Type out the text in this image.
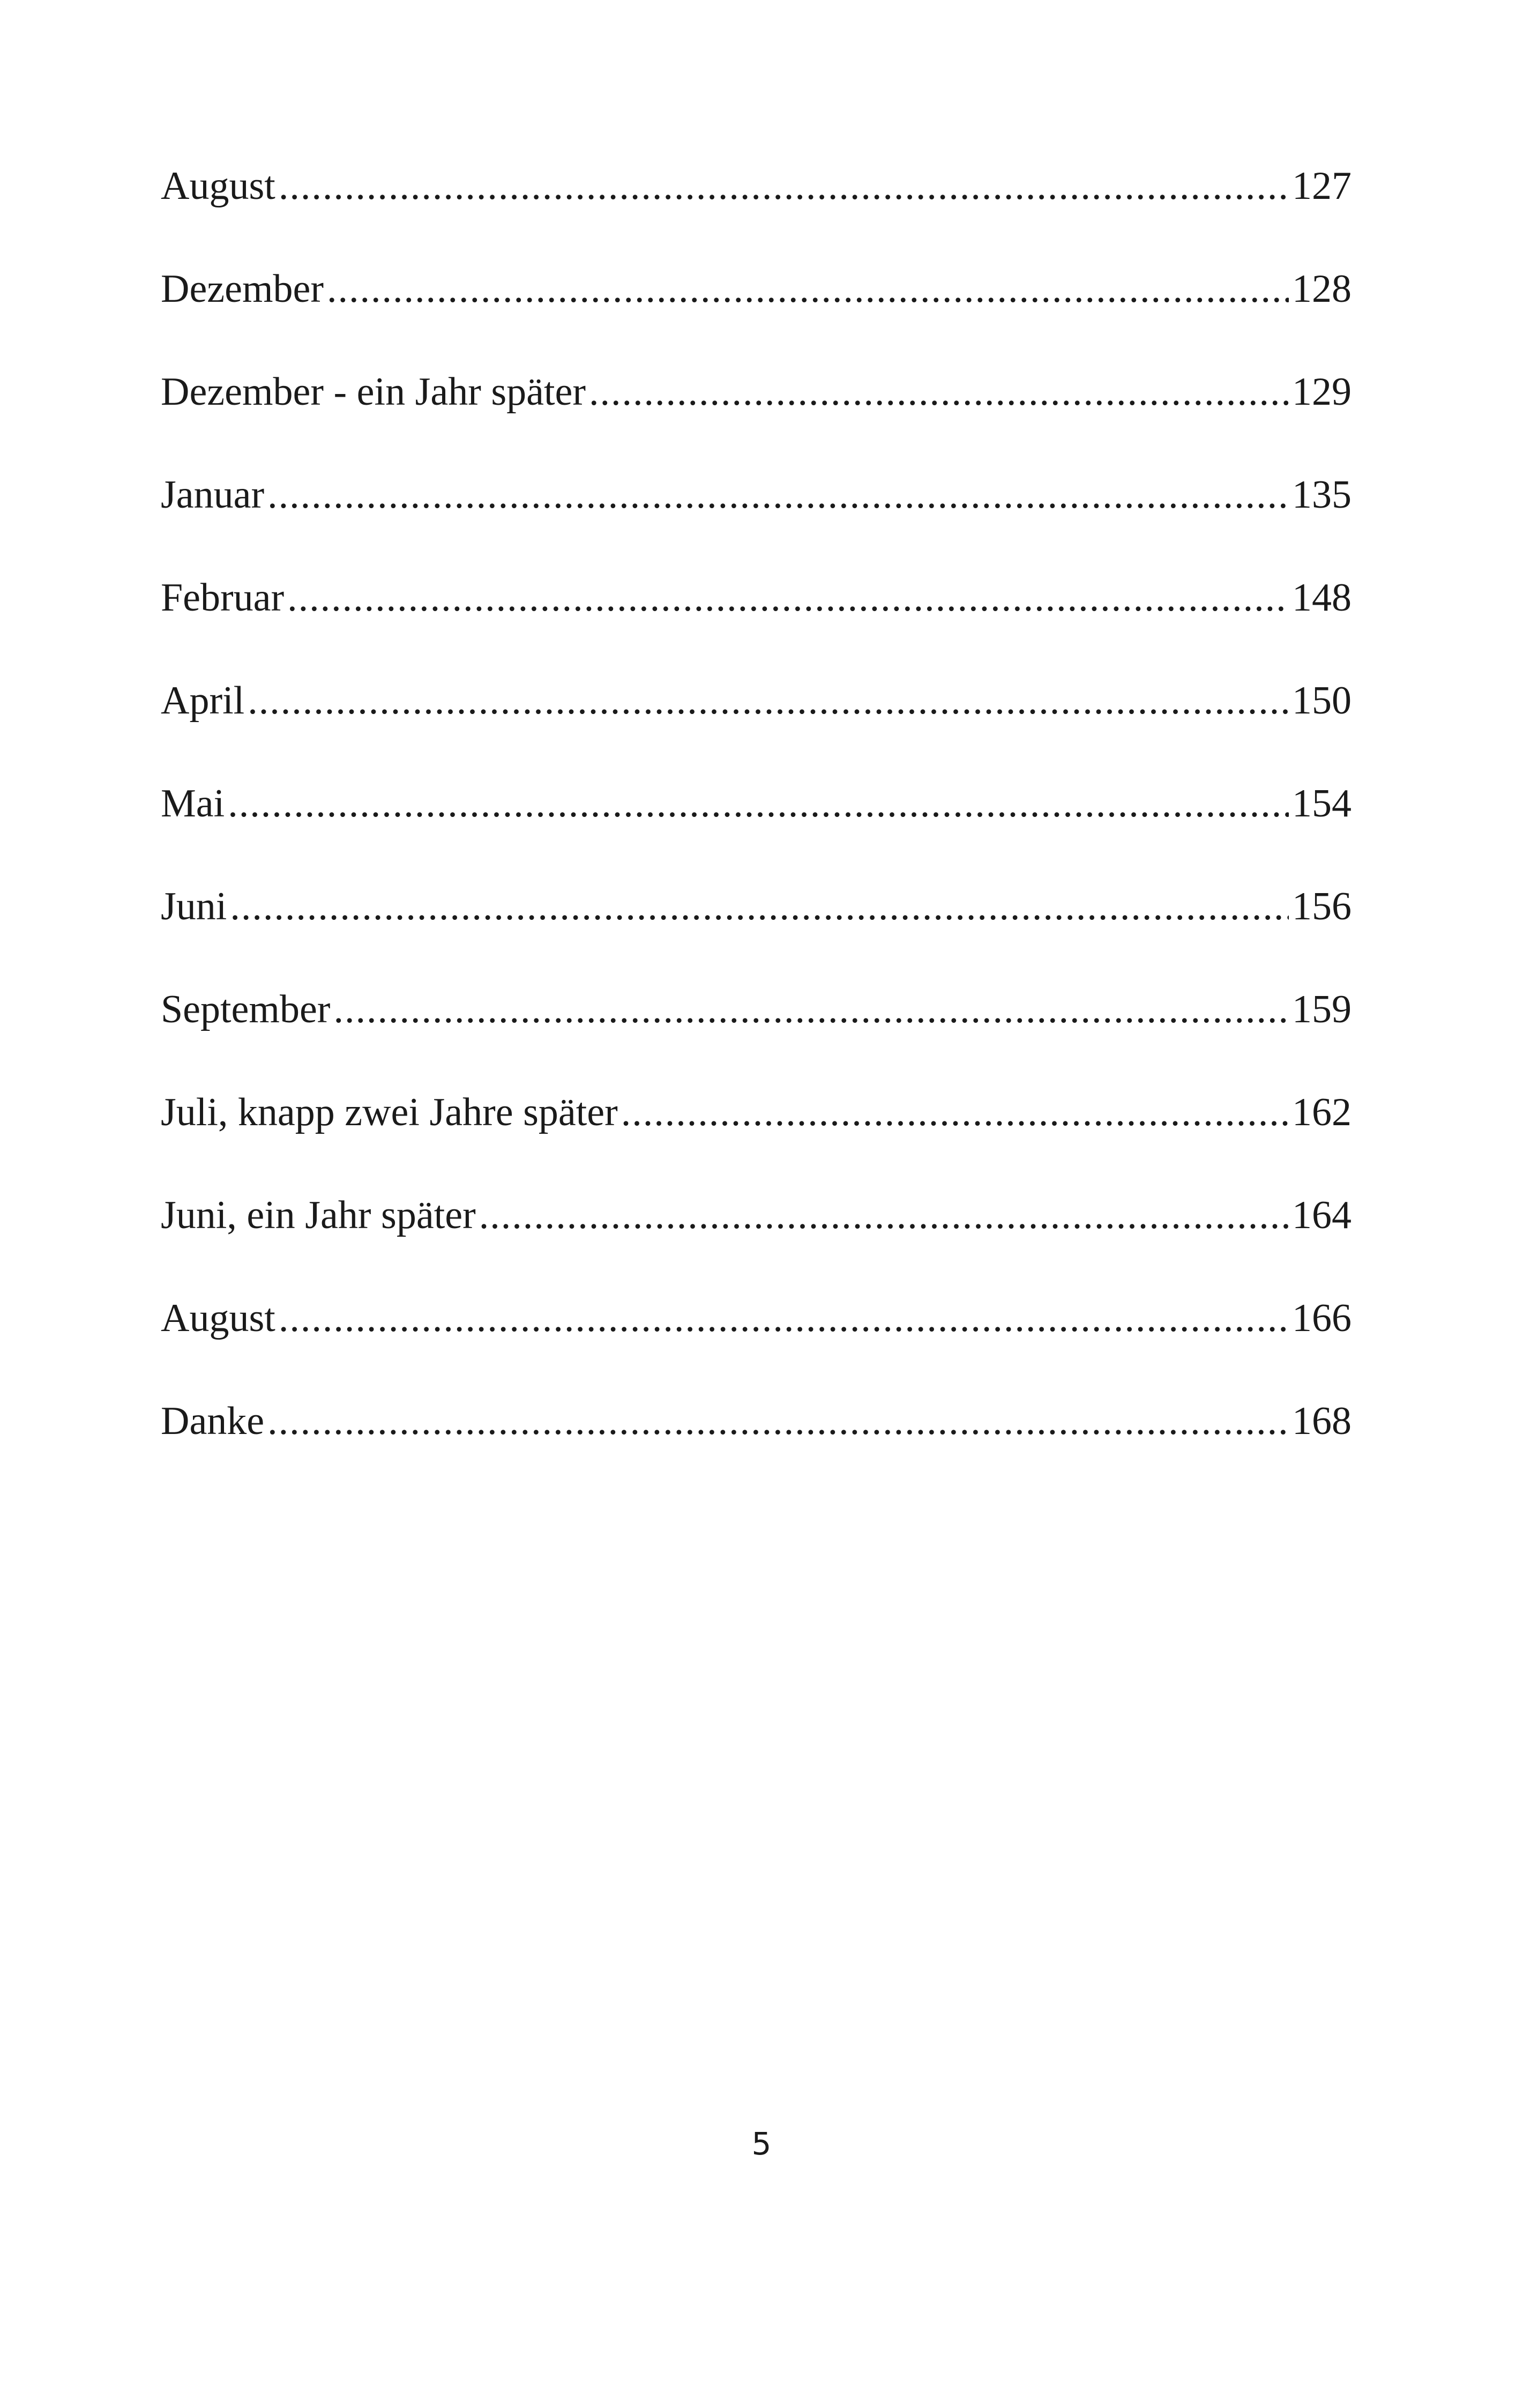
August .....	127
Dezember .....	128
Dezember - ein Jahr später .....	129
Januar .....	135
Februar .....	148
April .....	150
Mai .....	154
Juni .....	156
September .....	159
Juli, knapp zwei Jahre später .....	162
Juni, ein Jahr später .....	164
August .....	166
Danke .....	168
5
